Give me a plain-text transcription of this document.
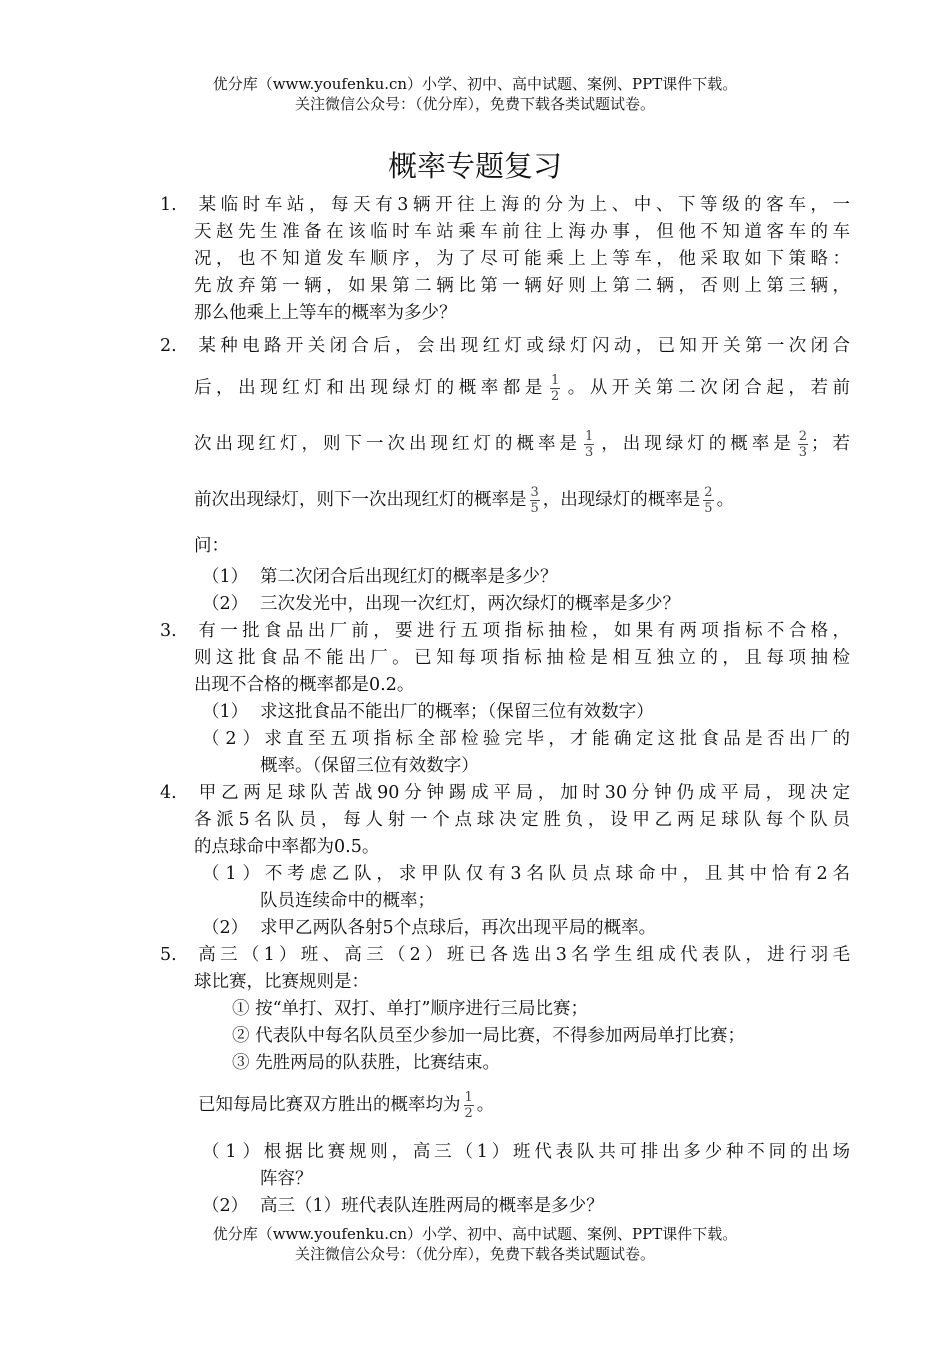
优分库（www.youfenku.cn）小学、初中、高中试题、案例、PPT课件下载。
关注微信公众号：（优分库），免费下载各类试题试卷。
概率专题复习
1. 某临时车站，每天有3辆开往上海的分为上、中、下等级的客车，一
天赵先生准备在该临时车站乘车前往上海办事，但他不知道客车的车
况，也不知道发车顺序，为了尽可能乘上上等车，他采取如下策略：
先放弃第一辆，如果第二辆比第一辆好则上第二辆，否则上第三辆，
那么他乘上上等车的概率为多少？
2. 某种电路开关闭合后，会出现红灯或绿灯闪动，已知开关第一次闭合
后，出现红灯和出现绿灯的概率都是 $\frac{1}{2}$ 。从开关第二次闭合起，若前
次出现红灯，则下一次出现红灯的概率是 $\frac{1}{3}$ ，出现绿灯的概率是 $\frac{2}{3}$ ；若
前次出现绿灯，则下一次出现红灯的概率是 $\frac{3}{5}$ ，出现绿灯的概率是 $\frac{2}{5}$ 。
问：
（1） 第二次闭合后出现红灯的概率是多少？
（2） 三次发光中，出现一次红灯，两次绿灯的概率是多少？
3. 有一批食品出厂前，要进行五项指标抽检，如果有两项指标不合格，
则这批食品不能出厂。已知每项指标抽检是相互独立的，且每项抽检
出现不合格的概率都是0.2。
（1） 求这批食品不能出厂的概率；（保留三位有效数字）
（2）求直至五项指标全部检验完毕，才能确定这批食品是否出厂的
概率。（保留三位有效数字）
4. 甲乙两足球队苦战90分钟踢成平局，加时30分钟仍成平局，现决定
各派5名队员，每人射一个点球决定胜负，设甲乙两足球队每个队员
的点球命中率都为0.5。
（1）不考虑乙队，求甲队仅有3名队员点球命中，且其中恰有2名
队员连续命中的概率；
（2） 求甲乙两队各射5个点球后，再次出现平局的概率。
5. 高三（1）班、高三（2）班已各选出3名学生组成代表队，进行羽毛
球比赛，比赛规则是：
① 按“单打、双打、单打”顺序进行三局比赛；
② 代表队中每名队员至少参加一局比赛，不得参加两局单打比赛；
③ 先胜两局的队获胜，比赛结束。
已知每局比赛双方胜出的概率均为 $\frac{1}{2}$ 。
（1）根据比赛规则，高三（1）班代表队共可排出多少种不同的出场
阵容？
（2） 高三（1）班代表队连胜两局的概率是多少？
优分库（www.youfenku.cn）小学、初中、高中试题、案例、PPT课件下载。
关注微信公众号：（优分库），免费下载各类试题试卷。
